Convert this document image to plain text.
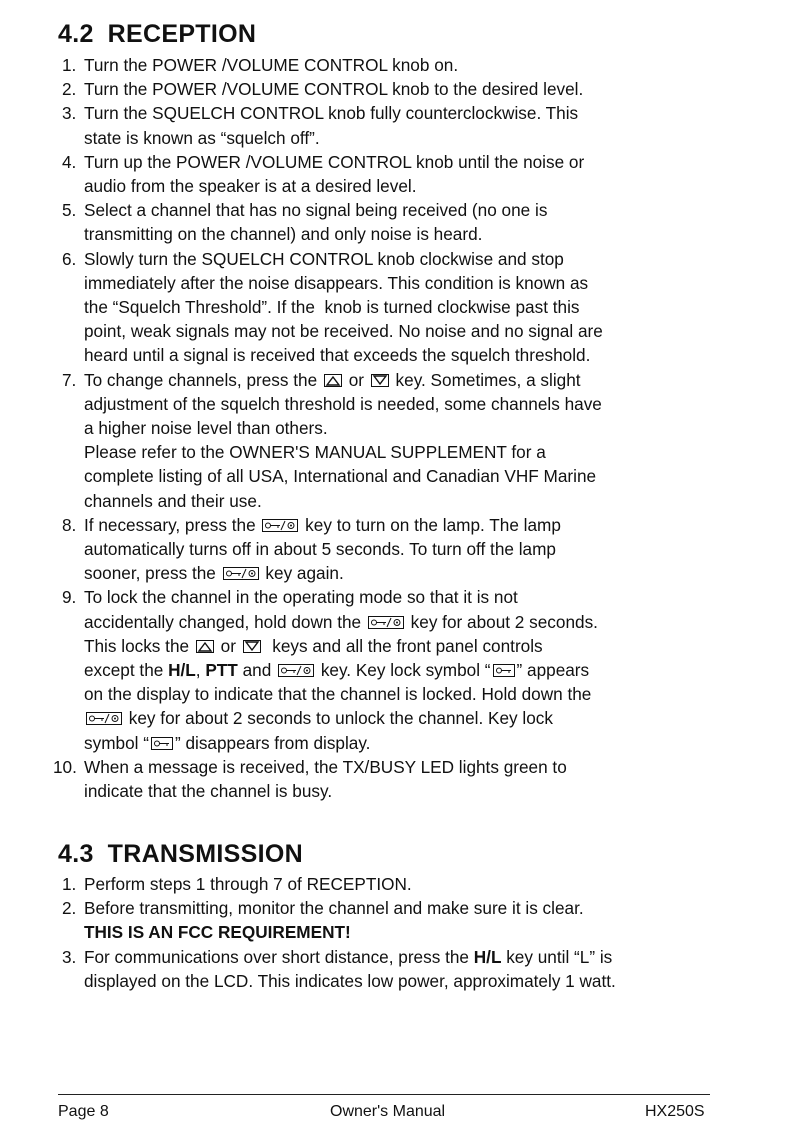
4.2 RECEPTION
1. Turn the POWER /VOLUME CONTROL knob on.
2. Turn the POWER /VOLUME CONTROL knob to the desired level.
3. Turn the SQUELCH CONTROL knob fully counterclockwise. This
state is known as “squelch off”.
4. Turn up the POWER /VOLUME CONTROL knob until the noise or
audio from the speaker is at a desired level.
5. Select a channel that has no signal being received (no one is
transmitting on the channel) and only noise is heard.
6. Slowly turn the SQUELCH CONTROL knob clockwise and stop
immediately after the noise disappears. This condition is known as
the “Squelch Threshold”. If the  knob is turned clockwise past this
point, weak signals may not be received. No noise and no signal are
heard until a signal is received that exceeds the squelch threshold.
7. To change channels, press the
or
key. Sometimes, a slight
adjustment of the squelch threshold is needed, some channels have
a higher noise level than others.
Please refer to the OWNER'S MANUAL SUPPLEMENT for a
complete listing of all USA, International and Canadian VHF Marine
channels and their use.
8. If necessary, press the
key to turn on the lamp. The lamp
automatically turns off in about 5 seconds. To turn off the lamp
sooner, press the
key again.
9. To lock the channel in the operating mode so that it is not
accidentally changed, hold down the
key for about 2 seconds.
This locks the
or
keys and all the front panel controls
except the H/L, PTT and
key. Key lock symbol “ ” appears
on the display to indicate that the channel is locked. Hold down the
key for about 2 seconds to unlock the channel. Key lock
symbol “ ” disappears from display.
10. When a message is received, the TX/BUSY LED lights green to
indicate that the channel is busy.
4.3 TRANSMISSION
1. Perform steps 1 through 7 of RECEPTION.
2. Before transmitting, monitor the channel and make sure it is clear.
THIS IS AN FCC REQUIREMENT!
3. For communications over short distance, press the H/L key until “L” is
displayed on the LCD. This indicates low power, approximately 1 watt.
Page 8	Owner's Manual	HX250S
